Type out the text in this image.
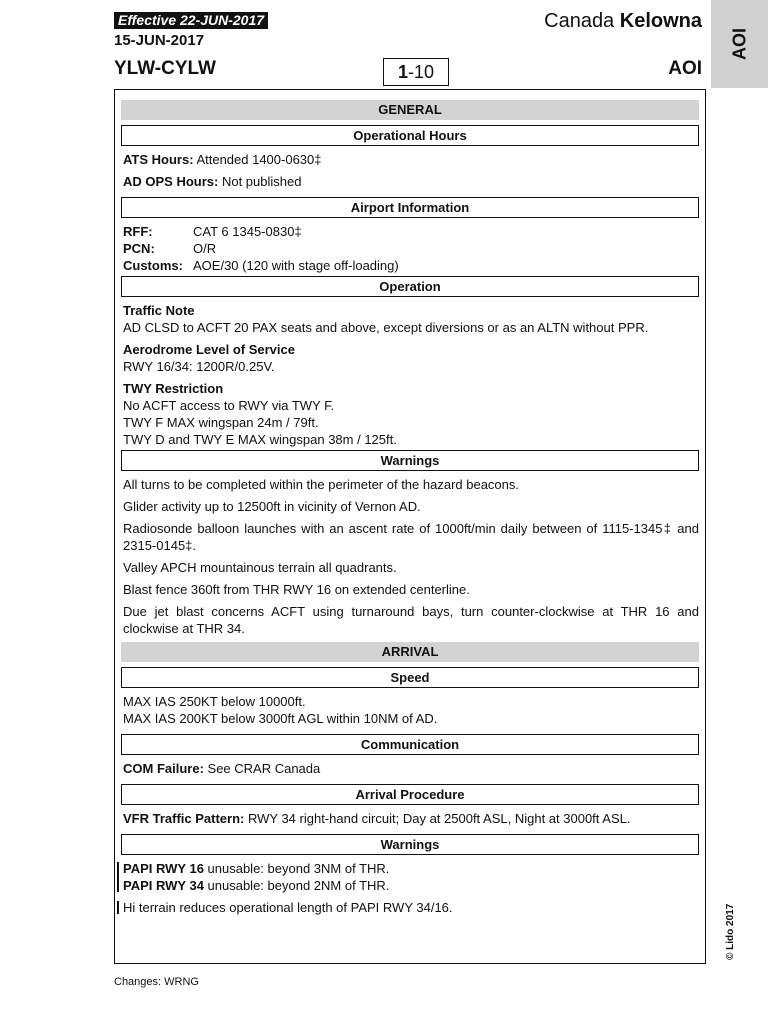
Effective 22-JUN-2017
15-JUN-2017
YLW-CYLW	1-10
Canada Kelowna
AOI
AOI
GENERAL
Operational Hours
ATS Hours: Attended 1400-0630‡
AD OPS Hours: Not published
Airport Information
RFF:	CAT 6 1345-0830‡
PCN:	O/R
Customs: AOE/30 (120 with stage off-loading)
Operation
Traffic Note
AD CLSD to ACFT 20 PAX seats and above, except diversions or as an ALTN without PPR.
Aerodrome Level of Service
RWY 16/34: 1200R/0.25V.
TWY Restriction
No ACFT access to RWY via TWY F.
TWY F MAX wingspan 24m / 79ft.
TWY D and TWY E MAX wingspan 38m / 125ft.
Warnings
All turns to be completed within the perimeter of the hazard beacons.
Glider activity up to 12500ft in vicinity of Vernon AD.
Radiosonde balloon launches with an ascent rate of 1000ft/min daily between of 1115-1345‡ and 2315-0145‡.
Valley APCH mountainous terrain all quadrants.
Blast fence 360ft from THR RWY 16 on extended centerline.
Due jet blast concerns ACFT using turnaround bays, turn counter-clockwise at THR 16 and clockwise at THR 34.
ARRIVAL
Speed
MAX IAS 250KT below 10000ft.
MAX IAS 200KT below 3000ft AGL within 10NM of AD.
Communication
COM Failure: See CRAR Canada
Arrival Procedure
VFR Traffic Pattern: RWY 34 right-hand circuit; Day at 2500ft ASL, Night at 3000ft ASL.
Warnings
PAPI RWY 16 unusable: beyond 3NM of THR.
PAPI RWY 34 unusable: beyond 2NM of THR.
Hi terrain reduces operational length of PAPI RWY 34/16.
Changes: WRNG
© Lido 2017
